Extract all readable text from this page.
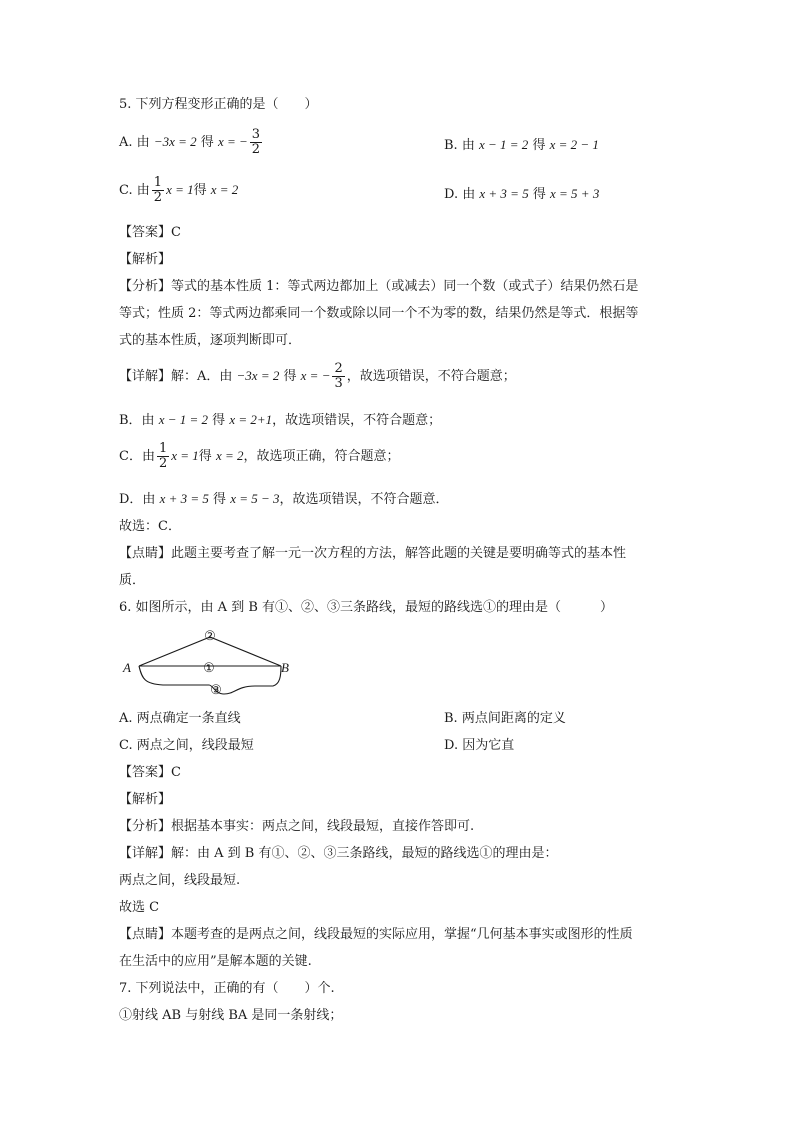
5. 下列方程变形正确的是（　　）
A. 由 −3x = 2 得 x = − $\frac{3}{2}$	B. 由 x − 1 = 2 得 x = 2 − 1
C. 由 $\frac{1}{2}$ x = 1得 x = 2	D. 由 x + 3 = 5 得 x = 5 + 3
【答案】C
【解析】
【分析】等式的基本性质 1：等式两边都加上（或减去）同一个数（或式子）结果仍然石是
等式；性质 2：等式两边都乘同一个数或除以同一个不为零的数，结果仍然是等式．根据等
式的基本性质，逐项判断即可．
【详解】解：A．由 −3x = 2 得 x = − $\frac{2}{3}$ ，故选项错误，不符合题意；
B．由 x − 1 = 2 得 x = 2+1，故选项错误，不符合题意；
C．由 $\frac{1}{2}$ x = 1得 x = 2，故选项正确，符合题意；
D．由 x + 3 = 5 得 x = 5 − 3，故选项错误，不符合题意．
故选：C．
【点睛】此题主要考查了解一元一次方程的方法，解答此题的关键是要明确等式的基本性
质．
6. 如图所示，由 A 到 B 有①、②、③三条路线，最短的路线选①的理由是（　　　）
A	B
②
①
③
A. 两点确定一条直线	B. 两点间距离的定义
C. 两点之间，线段最短	D. 因为它直
【答案】C
【解析】
【分析】根据基本事实：两点之间，线段最短，直接作答即可.
【详解】解：由 A 到 B 有①、②、③三条路线，最短的路线选①的理由是：
两点之间，线段最短.
故选 C
【点睛】本题考查的是两点之间，线段最短的实际应用，掌握“几何基本事实或图形的性质
在生活中的应用”是解本题的关键.
7. 下列说法中，正确的有（　　）个.
①射线 AB 与射线 BA 是同一条射线；
